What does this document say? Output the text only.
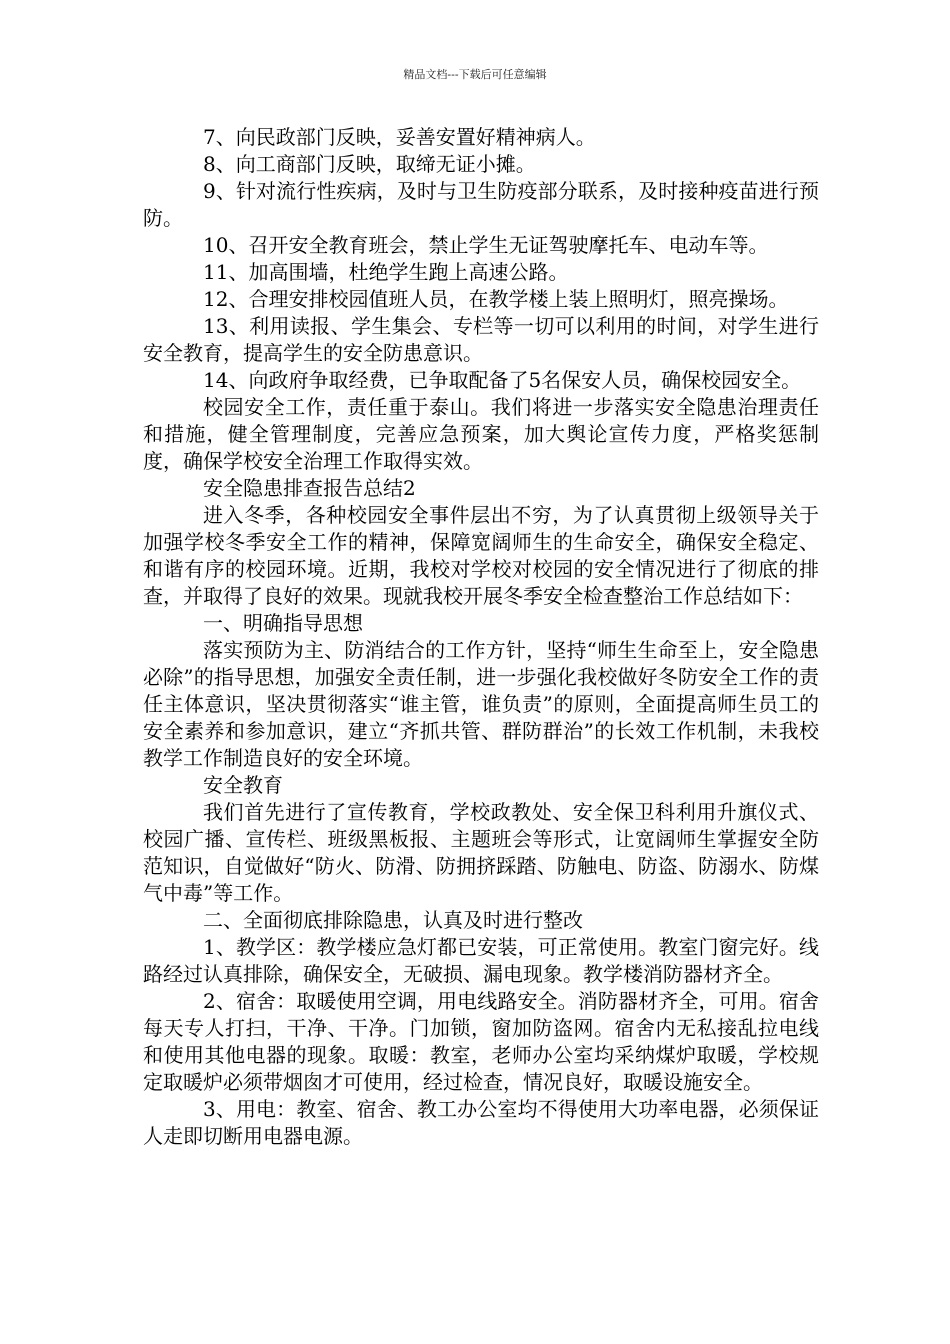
精品文档---下载后可任意编辑

7、向民政部门反映，妥善安置好精神病人。

8、向工商部门反映，取缔无证小摊。

9、针对流行性疾病，及时与卫生防疫部分联系，及时接种疫苗进行预防。

10、召开安全教育班会，禁止学生无证驾驶摩托车、电动车等。

11、加高围墙，杜绝学生跑上高速公路。

12、合理安排校园值班人员，在教学楼上装上照明灯，照亮操场。

13、利用读报、学生集会、专栏等一切可以利用的时间，对学生进行安全教育，提高学生的安全防患意识。

14、向政府争取经费，已争取配备了5名保安人员，确保校园安全。

校园安全工作，责任重于泰山。我们将进一步落实安全隐患治理责任和措施，健全管理制度，完善应急预案，加大舆论宣传力度，严格奖惩制度，确保学校安全治理工作取得实效。

安全隐患排查报告总结2

进入冬季，各种校园安全事件层出不穷，为了认真贯彻上级领导关于加强学校冬季安全工作的精神，保障宽阔师生的生命安全，确保安全稳定、和谐有序的校园环境。近期，我校对学校对校园的安全情况进行了彻底的排查，并取得了良好的效果。现就我校开展冬季安全检查整治工作总结如下：

一、明确指导思想

落实预防为主、防消结合的工作方针，坚持“师生生命至上，安全隐患必除”的指导思想，加强安全责任制，进一步强化我校做好冬防安全工作的责任主体意识，坚决贯彻落实“谁主管，谁负责”的原则，全面提高师生员工的安全素养和参加意识，建立“齐抓共管、群防群治”的长效工作机制，未我校教学工作制造良好的安全环境。

安全教育

我们首先进行了宣传教育，学校政教处、安全保卫科利用升旗仪式、校园广播、宣传栏、班级黑板报、主题班会等形式，让宽阔师生掌握安全防范知识，自觉做好“防火、防滑、防拥挤踩踏、防触电、防盗、防溺水、防煤气中毒”等工作。

二、全面彻底排除隐患，认真及时进行整改

1、教学区：教学楼应急灯都已安装，可正常使用。教室门窗完好。线路经过认真排除，确保安全，无破损、漏电现象。教学楼消防器材齐全。

2、宿舍：取暖使用空调，用电线路安全。消防器材齐全，可用。宿舍每天专人打扫，干净、干净。门加锁，窗加防盗网。宿舍内无私接乱拉电线和使用其他电器的现象。取暖：教室，老师办公室均采纳煤炉取暖，学校规定取暖炉必须带烟囱才可使用，经过检查，情况良好，取暖设施安全。

3、用电：教室、宿舍、教工办公室均不得使用大功率电器，必须保证人走即切断用电器电源。
